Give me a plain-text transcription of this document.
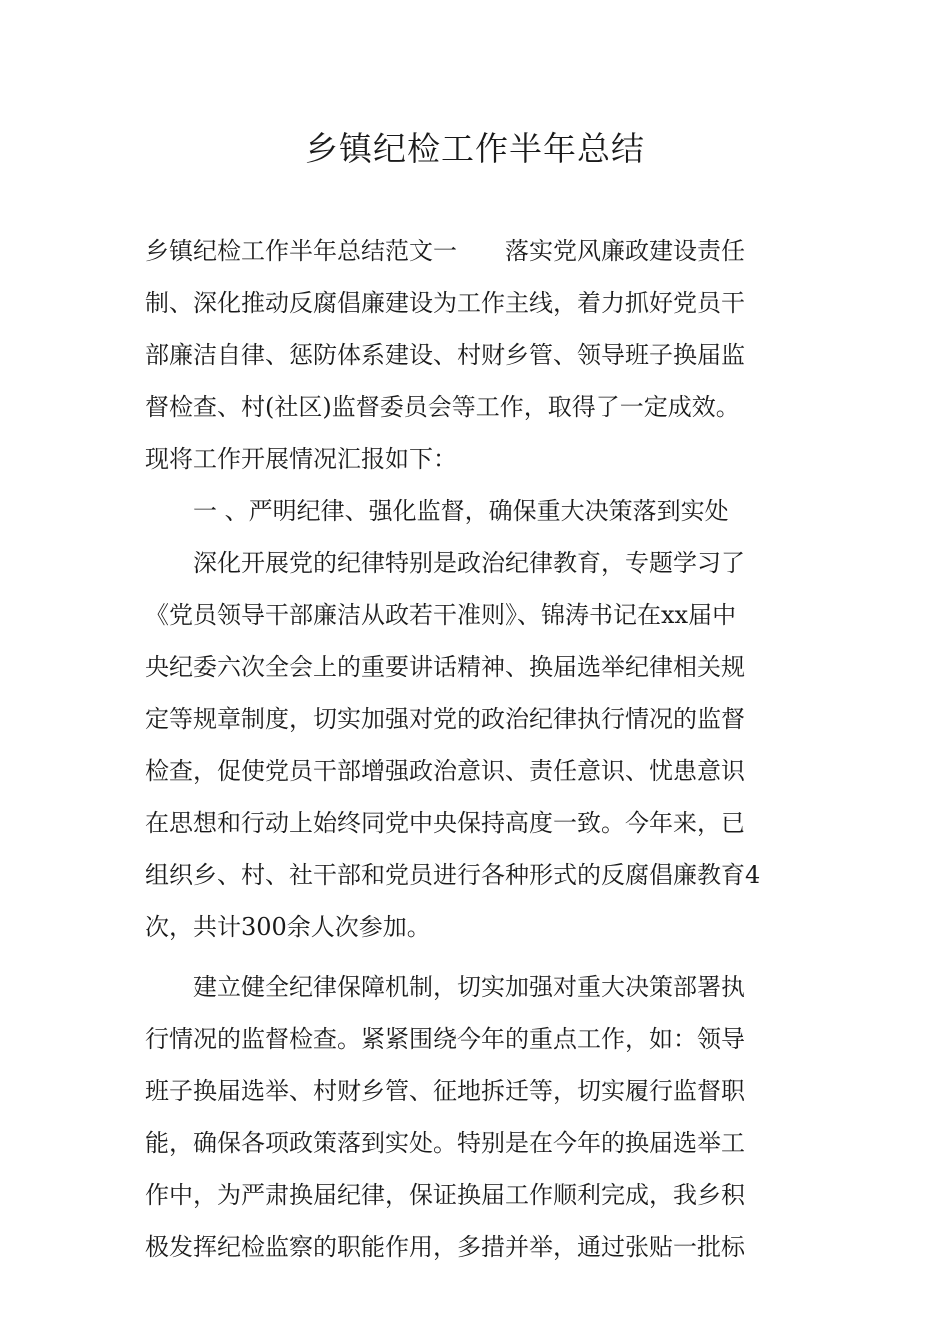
乡镇纪检工作半年总结
乡镇纪检工作半年总结范文一　　落实党风廉政建设责任
制、深化推动反腐倡廉建设为工作主线，着力抓好党员干
部廉洁自律、惩防体系建设、村财乡管、领导班子换届监
督检查、村(社区)监督委员会等工作，取得了一定成效。
现将工作开展情况汇报如下：
　　一 、严明纪律、强化监督，确保重大决策落到实处
　　深化开展党的纪律特别是政治纪律教育，专题学习了
《党员领导干部廉洁从政若干准则》、锦涛书记在xx届中
央纪委六次全会上的重要讲话精神、换届选举纪律相关规
定等规章制度，切实加强对党的政治纪律执行情况的监督
检查，促使党员干部增强政治意识、责任意识、忧患意识
在思想和行动上始终同党中央保持高度一致。今年来，已
组织乡、村、社干部和党员进行各种形式的反腐倡廉教育4
次，共计300余人次参加。
　　建立健全纪律保障机制，切实加强对重大决策部署执
行情况的监督检查。紧紧围绕今年的重点工作，如：领导
班子换届选举、村财乡管、征地拆迁等，切实履行监督职
能，确保各项政策落到实处。特别是在今年的换届选举工
作中，为严肃换届纪律，保证换届工作顺利完成，我乡积
极发挥纪检监察的职能作用，多措并举，通过张贴一批标
